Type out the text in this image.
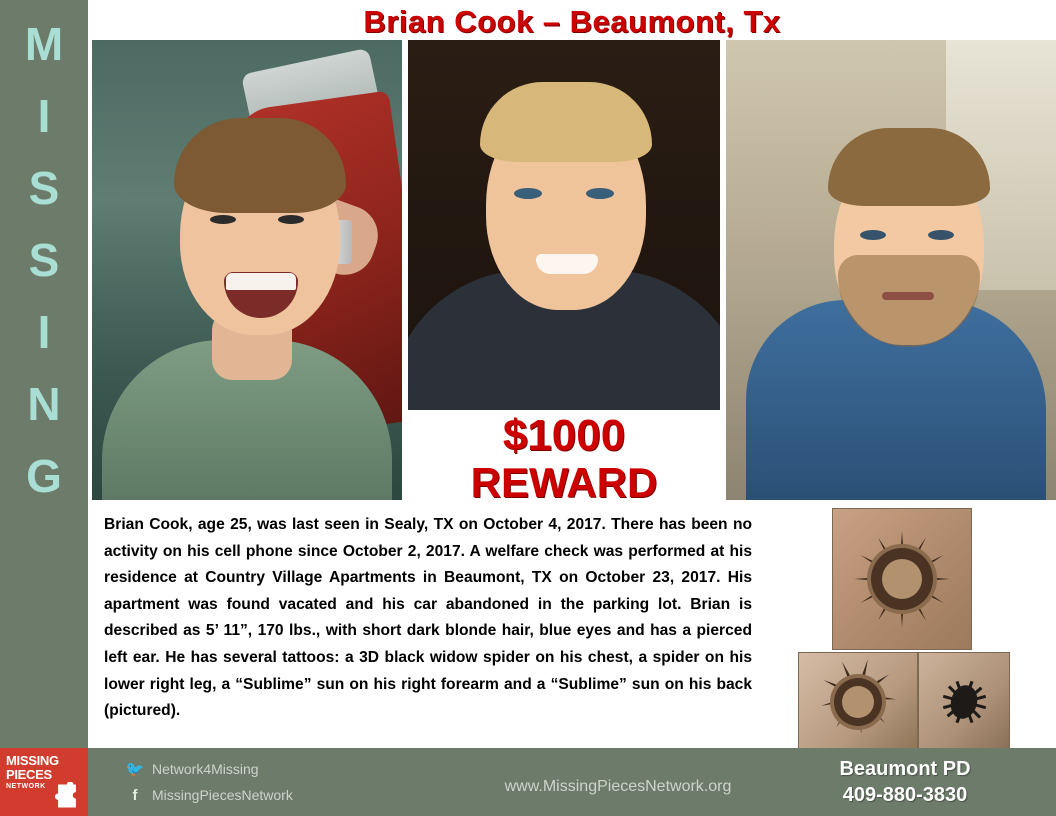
M
I
S
S
I
N
G
MISSING
PIECES
NETWORK
Brian Cook – Beaumont, Tx
$1000
REWARD
Brian Cook, age 25, was last seen in Sealy, TX on October 4, 2017. There has been no activity on his cell phone since October 2, 2017. A welfare check was performed at his residence at Country Village Apartments in Beaumont, TX on October 23, 2017. His apartment was found vacated and his car abandoned in the parking lot. Brian is described as 5’ 11”, 170 lbs., with short dark blonde hair, blue eyes and has a pierced left ear. He has several tattoos: a 3D black widow spider on his chest, a spider on his lower right leg, a “Sublime” sun on his right forearm and a “Sublime” sun on his back (pictured).
🐦 Network4Missing
f	MissingPiecesNetwork	www.MissingPiecesNetwork.org
Beaumont PD
409-880-3830
